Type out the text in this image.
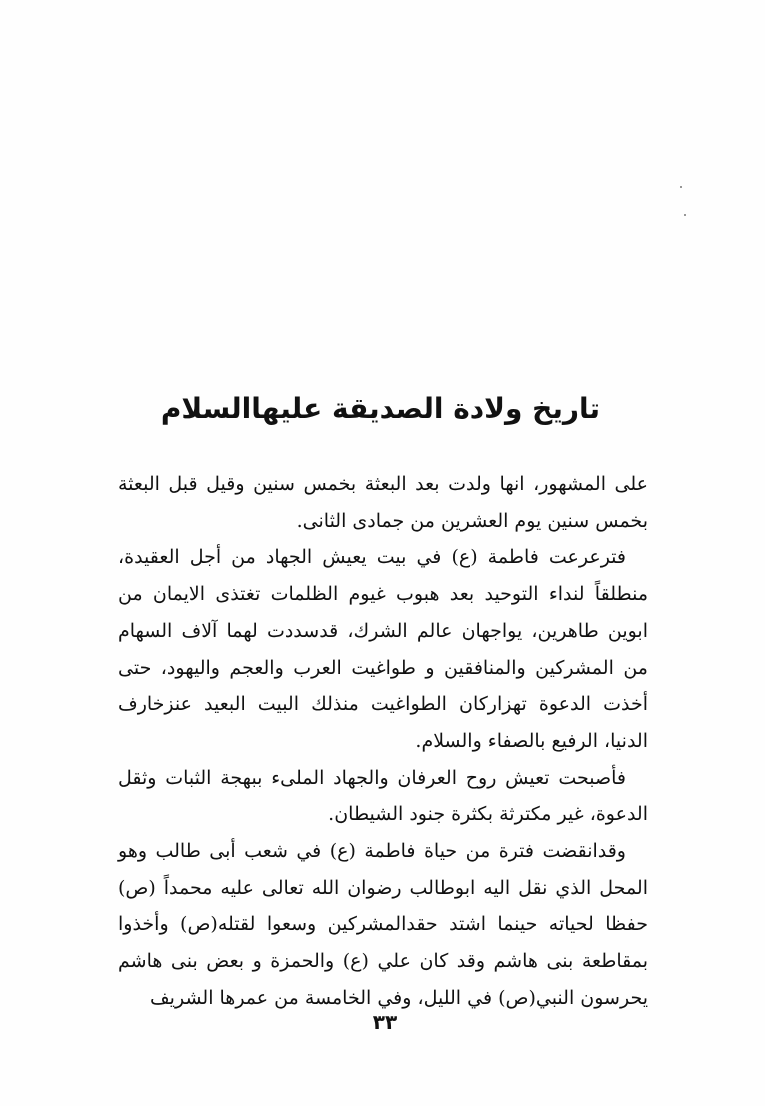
تاريخ ولادة الصديقة عليهاالسلام

على المشهور، انها ولدت بعد البعثة بخمس سنين وقيل قبل البعثة بخمس سنين يوم العشرين من جمادى الثانى.

فترعرعت فاطمة (ع) في بيت يعيش الجهاد من أجل العقيدة، منطلقاً لنداء التوحيد بعد هبوب غيوم الظلمات تغتذى الايمان من ابوين طاهرين، يواجهان عالم الشرك، قدسددت لهما آلاف السهام من المشركين والمنافقين و طواغيت العرب والعجم واليهود، حتى أخذت الدعوة تهزاركان الطواغيت منذلك البيت البعيد عنزخارف الدنيا، الرفيع بالصفاء والسلام.

فأصبحت تعيش روح العرفان والجهاد الملىء ببهجة الثبات وثقل الدعوة، غير مكترثة بكثرة جنود الشيطان.

وقدانقضت فترة من حياة فاطمة (ع) في شعب أبى طالب وهو المحل الذي نقل اليه ابوطالب رضوان الله تعالى عليه محمداً (ص) حفظا لحياته حينما اشتد حقدالمشركين وسعوا لقتله(ص) وأخذوا بمقاطعة بنى هاشم وقد كان علي (ع) والحمزة و بعض بنى هاشم يحرسون النبي(ص) في الليل، وفي الخامسة من عمرها الشريف

٣٣
